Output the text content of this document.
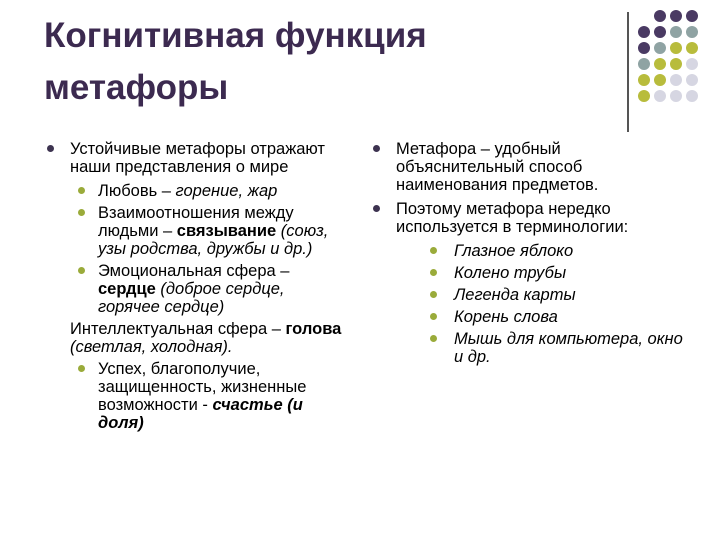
Когнитивная функция метафоры
Устойчивые метафоры отражают наши представления о мире
Любовь – горение, жар
Взаимоотношения между людьми – связывание (союз, узы родства, дружбы и др.)
Эмоциональная сфера – сердце (доброе сердце, горячее сердце)
Интеллектуальная сфера – голова (светлая, холодная).
Успех, благополучие, защищенность, жизненные возможности - счастье (и доля)
Метафора – удобный объяснительный способ наименования предметов.
Поэтому метафора нередко используется в терминологии:
Глазное яблоко
Колено трубы
Легенда карты
Корень слова
Мышь для компьютера, окно и др.
